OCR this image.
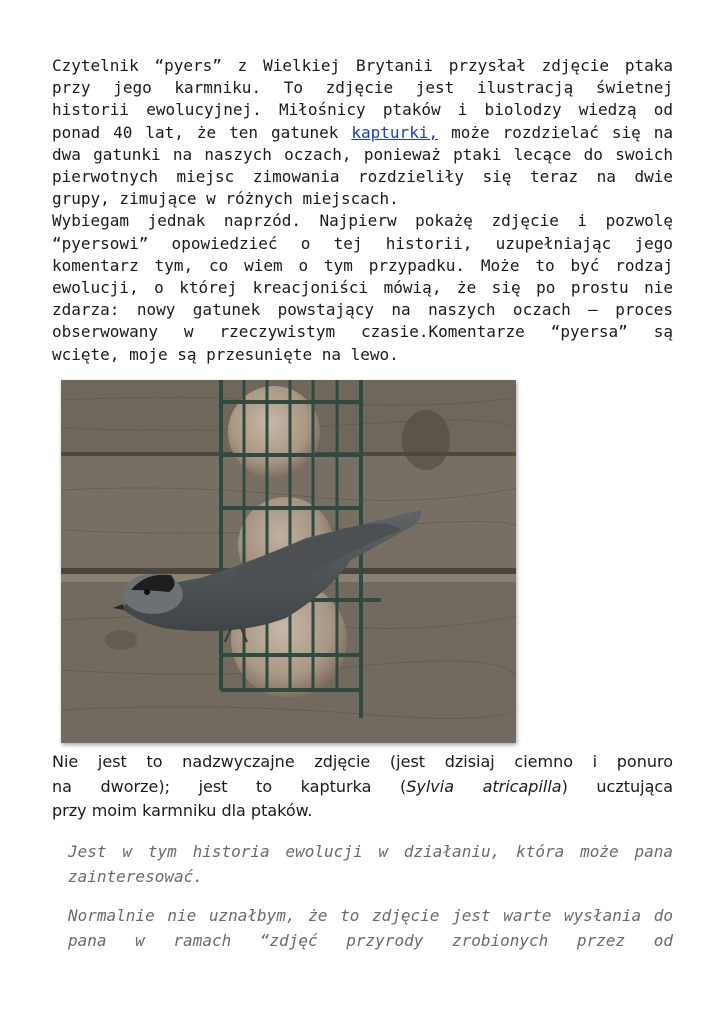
Czytelnik “pyers” z Wielkiej Brytanii przysłał zdjęcie ptaka
przy jego karmniku. To zdjęcie jest ilustracją świetnej
historii ewolucyjnej. Miłośnicy ptaków i biolodzy wiedzą od
ponad 40 lat, że ten gatunek kapturki, może rozdzielać się na
dwa gatunki na naszych oczach, ponieważ ptaki lecące do swoich
pierwotnych miejsc zimowania rozdzieliły się teraz na dwie
grupy, zimujące w różnych miejscach.
Wybiegam jednak naprzód. Najpierw pokażę zdjęcie i pozwolę
“pyersowi” opowiedzieć o tej historii, uzupełniając jego
komentarz tym, co wiem o tym przypadku. Może to być rodzaj
ewolucji, o której kreacjoniści mówią, że się po prostu nie
zdarza: nowy gatunek powstający na naszych oczach — proces
obserwowany w rzeczywistym czasie.Komentarze “pyersa” są
wcięte, moje są przesunięte na lewo.
Nie jest to nadzwyczajne zdjęcie (jest dzisiaj ciemno i ponuro
na dworze); jest to kapturka (Sylvia atricapilla) ucztująca
przy moim karmniku dla ptaków.
Jest w tym historia ewolucji w działaniu, która może pana
zainteresować.
Normalnie nie uznałbym, że to zdjęcie jest warte wysłania do
pana w ramach “zdjęć przyrody zrobionych przez od
